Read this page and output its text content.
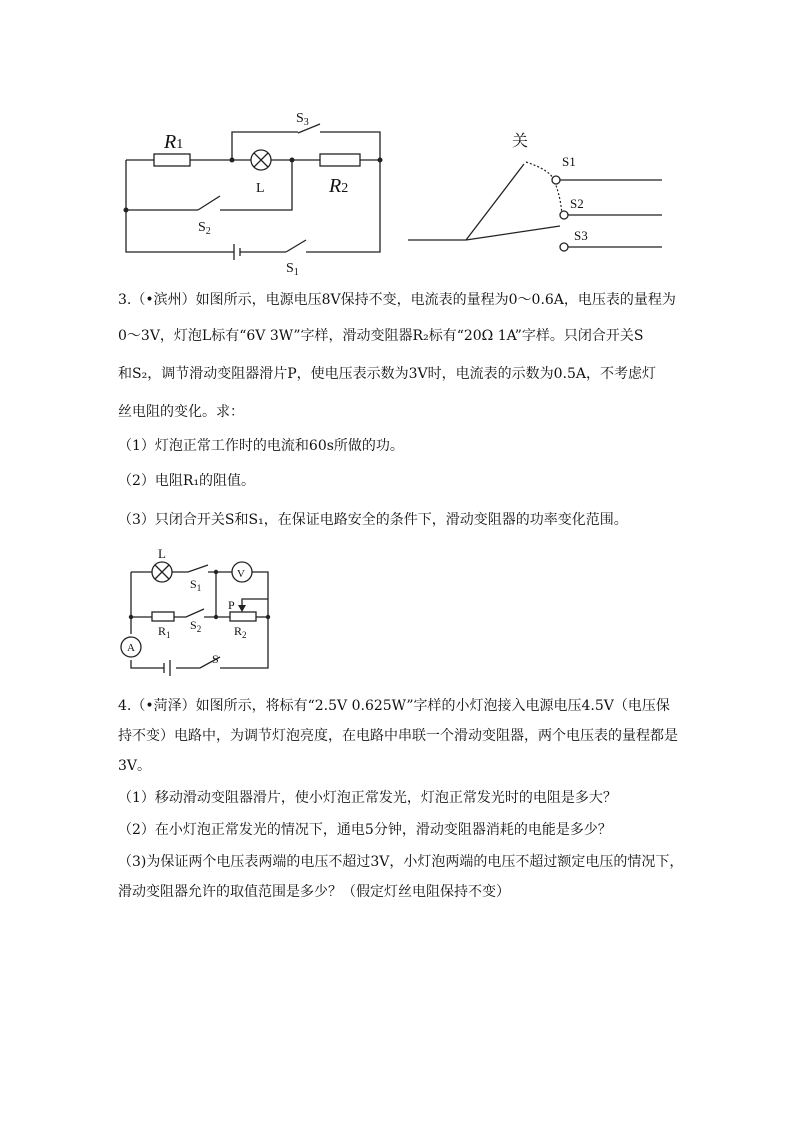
R1
$S_3$
L	R2
$S_2$
$S_1$
关
S1
S2
S3
3.（•滨州）如图所示，电源电压8V保持不变，电流表的量程为0～0.6A，电压表的量程为
0～3V，灯泡L标有“6V 3W”字样，滑动变阻器R₂标有“20Ω 1A”字样。只闭合开关S
和S₂，调节滑动变阻器滑片P，使电压表示数为3V时，电流表的示数为0.5A，不考虑灯
丝电阻的变化。求：
（1）灯泡正常工作时的电流和60s所做的功。
（2）电阻R₁的阻值。
（3）只闭合开关S和S₁，在保证电路安全的条件下，滑动变阻器的功率变化范围。
L
$S_1$
V
P
$R_1$
$S_2$	$R_2$
A
S
4.（•菏泽）如图所示，将标有“2.5V 0.625W”字样的小灯泡接入电源电压4.5V（电压保
持不变）电路中，为调节灯泡亮度，在电路中串联一个滑动变阻器，两个电压表的量程都是
3V。
（1）移动滑动变阻器滑片，使小灯泡正常发光，灯泡正常发光时的电阻是多大？
（2）在小灯泡正常发光的情况下，通电5分钟，滑动变阻器消耗的电能是多少？
（3)为保证两个电压表两端的电压不超过3V，小灯泡两端的电压不超过额定电压的情况下，
滑动变阻器允许的取值范围是多少？（假定灯丝电阻保持不变）
